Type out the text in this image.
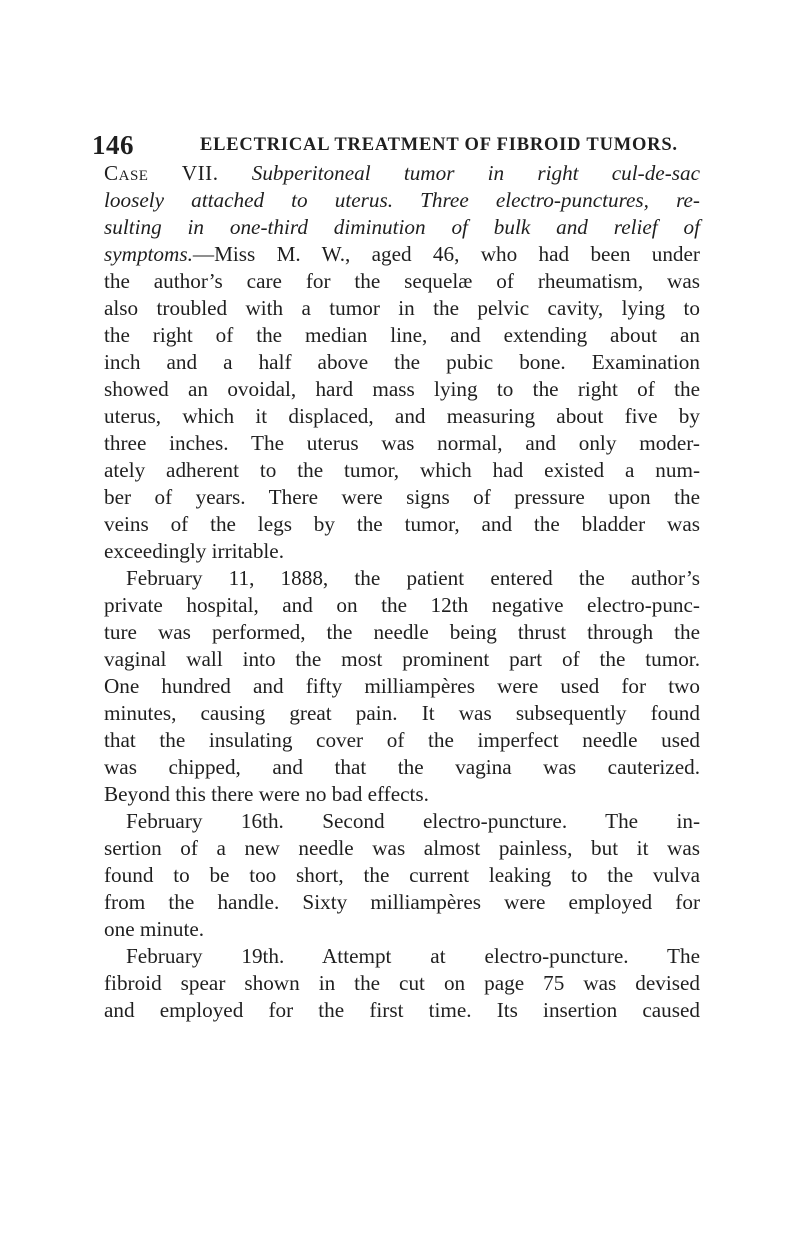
146	ELECTRICAL TREATMENT OF FIBROID TUMORS.
Case VII. Subperitoneal tumor in right cul-de-sac
loosely attached to uterus. Three electro-punctures, re-
sulting in one-third diminution of bulk and relief of
symptoms.—Miss M. W., aged 46, who had been under
the author’s care for the sequelæ of rheumatism, was
also troubled with a tumor in the pelvic cavity, lying to
the right of the median line, and extending about an
inch and a half above the pubic bone. Examination
showed an ovoidal, hard mass lying to the right of the
uterus, which it displaced, and measuring about five by
three inches. The uterus was normal, and only moder-
ately adherent to the tumor, which had existed a num-
ber of years. There were signs of pressure upon the
veins of the legs by the tumor, and the bladder was
exceedingly irritable.
February 11, 1888, the patient entered the author’s
private hospital, and on the 12th negative electro-punc-
ture was performed, the needle being thrust through the
vaginal wall into the most prominent part of the tumor.
One hundred and fifty milliampères were used for two
minutes, causing great pain. It was subsequently found
that the insulating cover of the imperfect needle used
was chipped, and that the vagina was cauterized.
Beyond this there were no bad effects.
February 16th. Second electro-puncture. The in-
sertion of a new needle was almost painless, but it was
found to be too short, the current leaking to the vulva
from the handle. Sixty milliampères were employed for
one minute.
February 19th. Attempt at electro-puncture. The
fibroid spear shown in the cut on page 75 was devised
and employed for the first time. Its insertion caused
